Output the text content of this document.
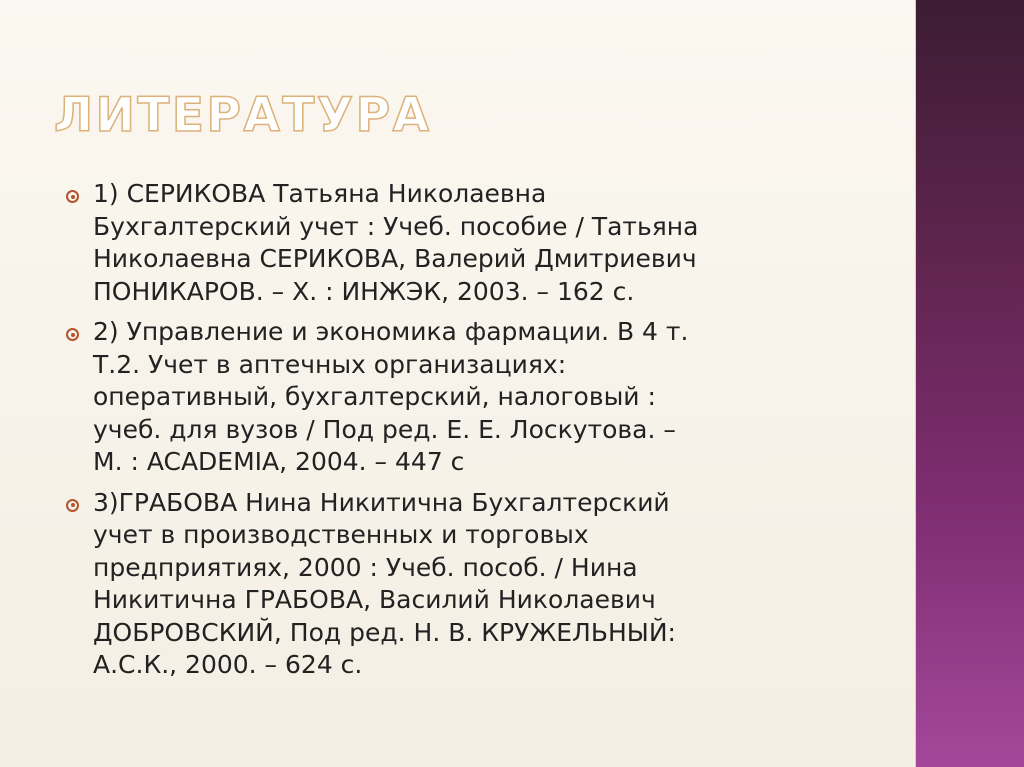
ЛИТЕРАТУРА
1) СЕРИКОВА Татьяна Николаевна
Бухгалтерский учет : Учеб. пособие / Татьяна
Николаевна СЕРИКОВА, Валерий Дмитриевич
ПОНИКАРОВ. – Х. : ИНЖЭК, 2003. – 162 с.
2) Управление и экономика фармации. В 4 т.
Т.2. Учет в аптечных организациях:
оперативный, бухгалтерский, налоговый :
учеб. для вузов / Под ред. Е. Е. Лоскутова. –
М. : ACADEMIA, 2004. – 447 с
3)ГРАБОВА Нина Никитична Бухгалтерский
учет в производственных и торговых
предприятиях, 2000 : Учеб. пособ. / Нина
Никитична ГРАБОВА, Василий Николаевич
ДОБРОВСКИЙ, Под ред. Н. В. КРУЖЕЛЬНЫЙ:
А.С.К., 2000. – 624 с.
